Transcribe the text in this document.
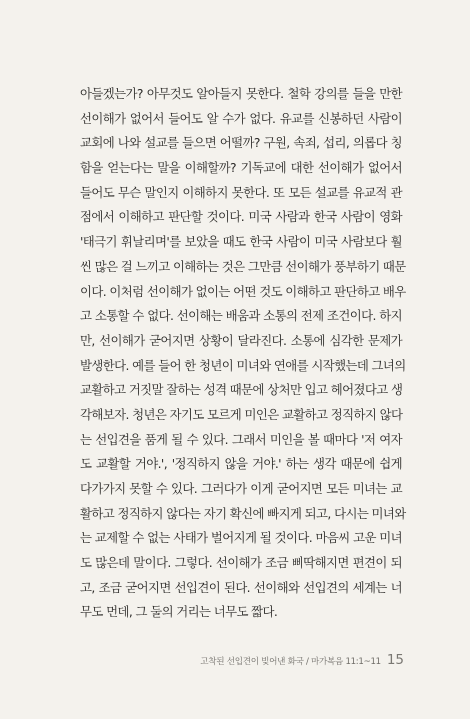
아들겠는가? 아무것도 알아들지 못한다. 철학 강의를 들을 만한
선이해가 없어서 들어도 알 수가 없다. 유교를 신봉하던 사람이
교회에 나와 설교를 들으면 어떨까? 구원, 속죄, 섭리, 의롭다 칭
함을 얻는다는 말을 이해할까? 기독교에 대한 선이해가 없어서
들어도 무슨 말인지 이해하지 못한다. 또 모든 설교를 유교적 관
점에서 이해하고 판단할 것이다. 미국 사람과 한국 사람이 영화
'태극기 휘날리며'를 보았을 때도 한국 사람이 미국 사람보다 훨
씬 많은 걸 느끼고 이해하는 것은 그만큼 선이해가 풍부하기 때문
이다. 이처럼 선이해가 없이는 어떤 것도 이해하고 판단하고 배우
고 소통할 수 없다. 선이해는 배움과 소통의 전제 조건이다. 하지
만, 선이해가 굳어지면 상황이 달라진다. 소통에 심각한 문제가
발생한다. 예를 들어 한 청년이 미녀와 연애를 시작했는데 그녀의
교활하고 거짓말 잘하는 성격 때문에 상처만 입고 헤어졌다고 생
각해보자. 청년은 자기도 모르게 미인은 교활하고 정직하지 않다
는 선입견을 품게 될 수 있다. 그래서 미인을 볼 때마다 '저 여자
도 교활할 거야.', '정직하지 않을 거야.' 하는 생각 때문에 쉽게
다가가지 못할 수 있다. 그러다가 이게 굳어지면 모든 미녀는 교
활하고 정직하지 않다는 자기 확신에 빠지게 되고, 다시는 미녀와
는 교제할 수 없는 사태가 벌어지게 될 것이다. 마음씨 고운 미녀
도 많은데 말이다. 그렇다. 선이해가 조금 삐딱해지면 편견이 되
고, 조금 굳어지면 선입견이 된다. 선이해와 선입견의 세계는 너
무도 먼데, 그 둘의 거리는 너무도 짧다.
고착된 선입견이 빚어낸 화국 / 마가복음 11:1~11 15
